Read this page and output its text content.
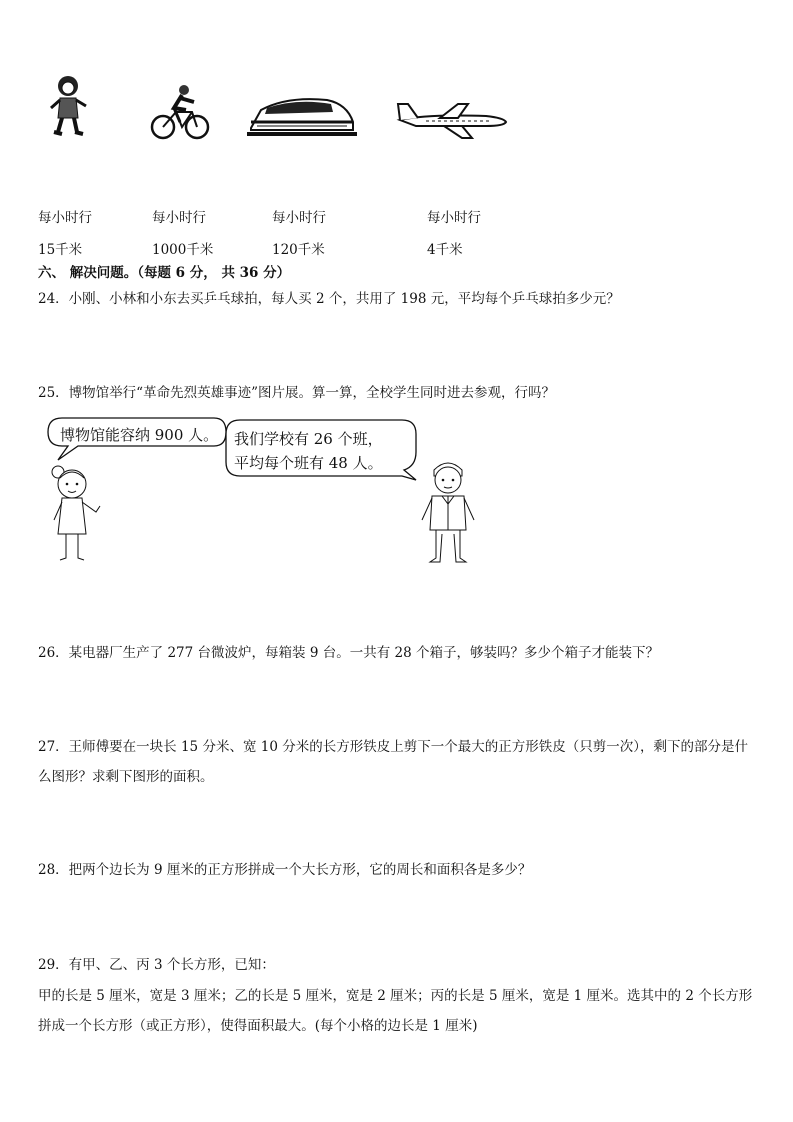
每小时行	每小时行	每小时行	每小时行
15千米	1000千米	120千米	4千米
六、 解决问题。（每题 6 分， 共 36 分）
24．小刚、小林和小东去买乒乓球拍，每人买 2 个，共用了 198 元，平均每个乒乓球拍多少元？
25．博物馆举行“革命先烈英雄事迹”图片展。算一算，全校学生同时进去参观，行吗？
博物馆能容纳 900 人。 我们学校有 26 个班，
平均每个班有 48 人。
26．某电器厂生产了 277 台微波炉，每箱装 9 台。一共有 28 个箱子，够装吗？多少个箱子才能装下？
27．王师傅要在一块长 15 分米、宽 10 分米的长方形铁皮上剪下一个最大的正方形铁皮（只剪一次），剩下的部分是什
么图形？求剩下图形的面积。
28．把两个边长为 9 厘米的正方形拼成一个大长方形，它的周长和面积各是多少？
29．有甲、乙、丙 3 个长方形，已知：
甲的长是 5 厘米，宽是 3 厘米；乙的长是 5 厘米，宽是 2 厘米；丙的长是 5 厘米，宽是 1 厘米。选其中的 2 个长方形
拼成一个长方形（或正方形），使得面积最大。(每个小格的边长是 1 厘米)
